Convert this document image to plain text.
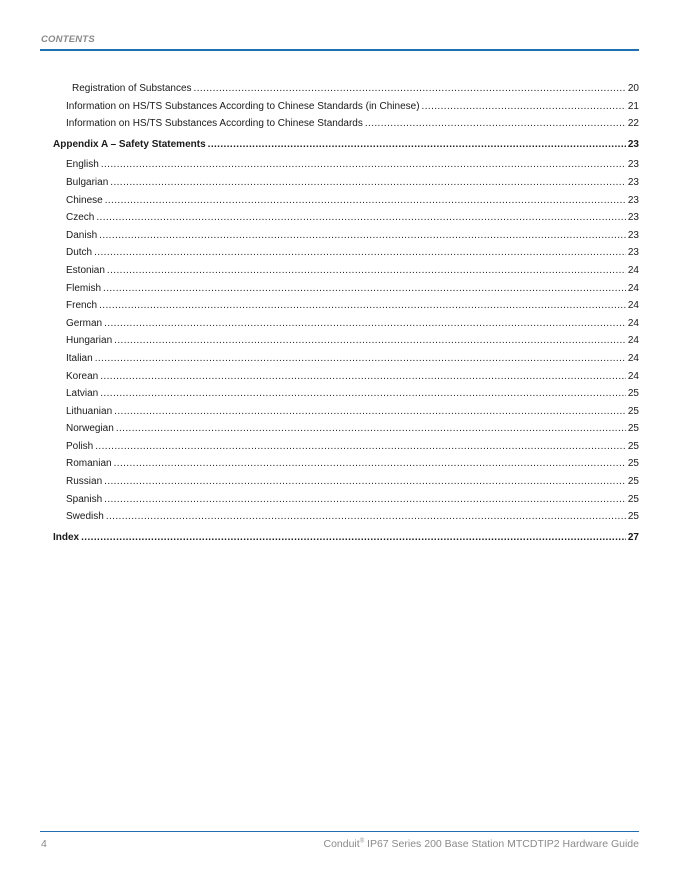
CONTENTS
Registration of Substances .....	20
Information on HS/TS Substances According to Chinese Standards (in Chinese) .....	21
Information on HS/TS Substances According to Chinese Standards .....	22
Appendix A – Safety Statements .....	23
English .....	23
Bulgarian .....	23
Chinese .....	23
Czech .....	23
Danish .....	23
Dutch .....	23
Estonian .....	24
Flemish .....	24
French .....	24
German .....	24
Hungarian .....	24
Italian .....	24
Korean .....	24
Latvian .....	25
Lithuanian .....	25
Norwegian .....	25
Polish .....	25
Romanian .....	25
Russian .....	25
Spanish .....	25
Swedish .....	25
Index .....	27
4	Conduit® IP67 Series 200 Base Station MTCDTIP2 Hardware Guide
